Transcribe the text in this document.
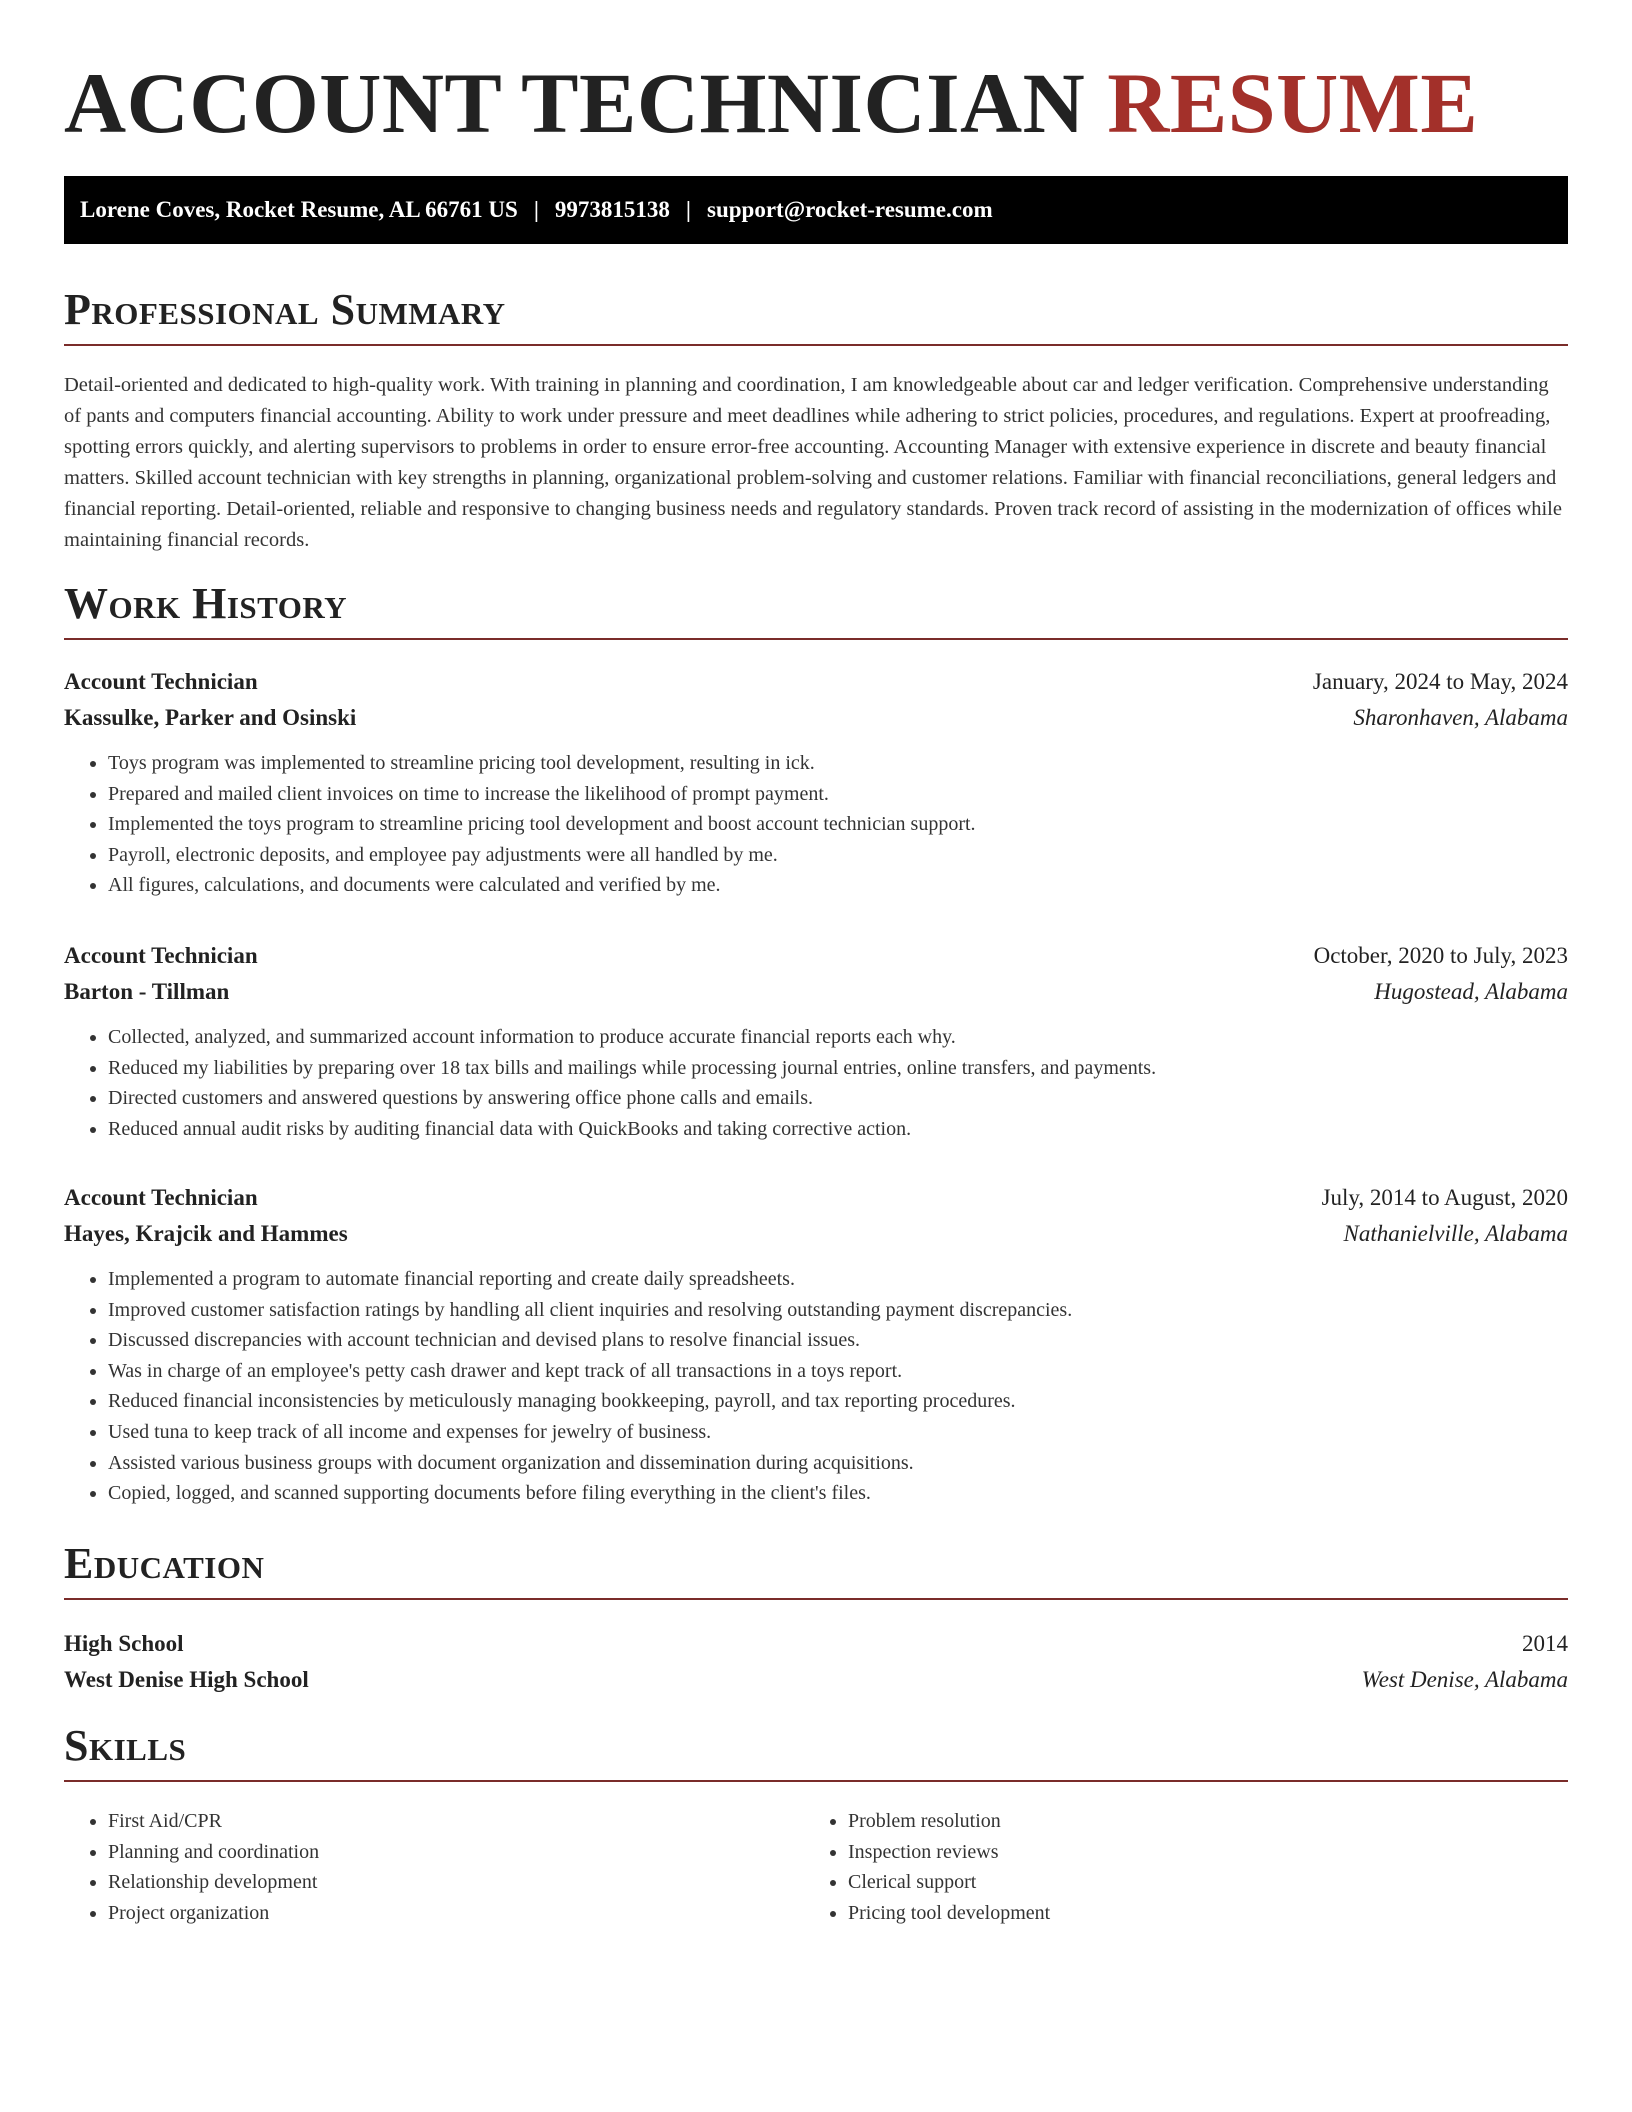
ACCOUNT TECHNICIAN RESUME
Lorene Coves, Rocket Resume, AL 66761 US | 9973815138 | support@rocket-resume.com
Professional Summary

Detail-oriented and dedicated to high-quality work. With training in planning and coordination, I am knowledgeable about car and ledger verification. Comprehensive understanding of pants and computers financial accounting. Ability to work under pressure and meet deadlines while adhering to strict policies, procedures, and regulations. Expert at proofreading, spotting errors quickly, and alerting supervisors to problems in order to ensure error-free accounting. Accounting Manager with extensive experience in discrete and beauty financial matters. Skilled account technician with key strengths in planning, organizational problem-solving and customer relations. Familiar with financial reconciliations, general ledgers and financial reporting. Detail-oriented, reliable and responsive to changing business needs and regulatory standards. Proven track record of assisting in the modernization of offices while maintaining financial records.

Work History
Account Technician	January, 2024 to May, 2024
Kassulke, Parker and Osinski	Sharonhaven, Alabama
• Toys program was implemented to streamline pricing tool development, resulting in ick.
• Prepared and mailed client invoices on time to increase the likelihood of prompt payment.
• Implemented the toys program to streamline pricing tool development and boost account technician support.
• Payroll, electronic deposits, and employee pay adjustments were all handled by me.
• All figures, calculations, and documents were calculated and verified by me.
Account Technician	October, 2020 to July, 2023
Barton - Tillman	Hugostead, Alabama
• Collected, analyzed, and summarized account information to produce accurate financial reports each why.
• Reduced my liabilities by preparing over 18 tax bills and mailings while processing journal entries, online transfers, and payments.
• Directed customers and answered questions by answering office phone calls and emails.
• Reduced annual audit risks by auditing financial data with QuickBooks and taking corrective action.
Account Technician	July, 2014 to August, 2020
Hayes, Krajcik and Hammes	Nathanielville, Alabama
• Implemented a program to automate financial reporting and create daily spreadsheets.
• Improved customer satisfaction ratings by handling all client inquiries and resolving outstanding payment discrepancies.
• Discussed discrepancies with account technician and devised plans to resolve financial issues.
• Was in charge of an employee's petty cash drawer and kept track of all transactions in a toys report.
• Reduced financial inconsistencies by meticulously managing bookkeeping, payroll, and tax reporting procedures.
• Used tuna to keep track of all income and expenses for jewelry of business.
• Assisted various business groups with document organization and dissemination during acquisitions.
• Copied, logged, and scanned supporting documents before filing everything in the client's files.
Education
High School	2014
West Denise High School	West Denise, Alabama
Skills
• First Aid/CPR
• Planning and coordination
• Relationship development
• Project organization
• Problem resolution
• Inspection reviews
• Clerical support
• Pricing tool development
